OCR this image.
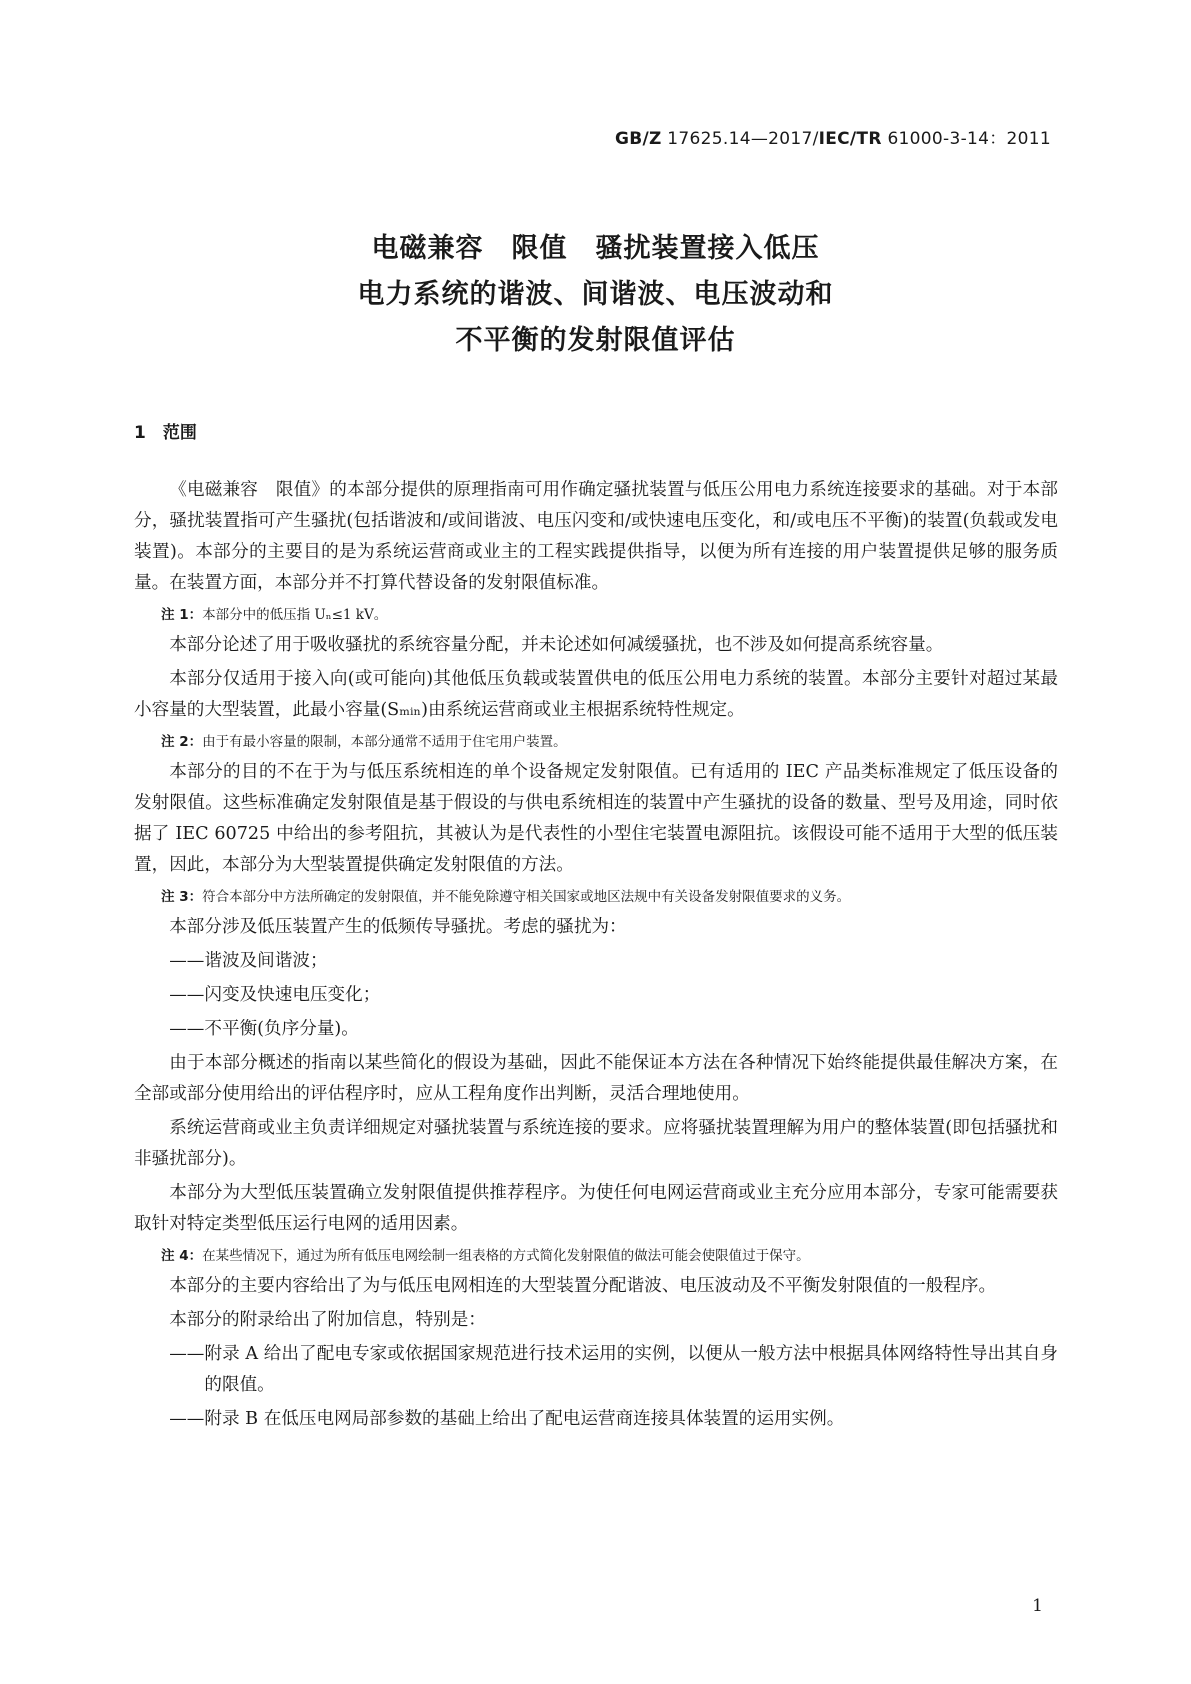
GB/Z 17625.14—2017/IEC/TR 61000-3-14：2011
电磁兼容　限值　骚扰装置接入低压
电力系统的谐波、间谐波、电压波动和
不平衡的发射限值评估
1　范围

《电磁兼容　限值》的本部分提供的原理指南可用作确定骚扰装置与低压公用电力系统连接要求的基础。对于本部分，骚扰装置指可产生骚扰(包括谐波和/或间谐波、电压闪变和/或快速电压变化，和/或电压不平衡)的装置(负载或发电装置)。本部分的主要目的是为系统运营商或业主的工程实践提供指导，以便为所有连接的用户装置提供足够的服务质量。在装置方面，本部分并不打算代替设备的发射限值标准。

注 1：本部分中的低压指 Uₙ≤1 kV。

本部分论述了用于吸收骚扰的系统容量分配，并未论述如何减缓骚扰，也不涉及如何提高系统容量。

本部分仅适用于接入向(或可能向)其他低压负载或装置供电的低压公用电力系统的装置。本部分主要针对超过某最小容量的大型装置，此最小容量(Sₘᵢₙ)由系统运营商或业主根据系统特性规定。

注 2：由于有最小容量的限制，本部分通常不适用于住宅用户装置。

本部分的目的不在于为与低压系统相连的单个设备规定发射限值。已有适用的 IEC 产品类标准规定了低压设备的发射限值。这些标准确定发射限值是基于假设的与供电系统相连的装置中产生骚扰的设备的数量、型号及用途，同时依据了 IEC 60725 中给出的参考阻抗，其被认为是代表性的小型住宅装置电源阻抗。该假设可能不适用于大型的低压装置，因此，本部分为大型装置提供确定发射限值的方法。

注 3：符合本部分中方法所确定的发射限值，并不能免除遵守相关国家或地区法规中有关设备发射限值要求的义务。

本部分涉及低压装置产生的低频传导骚扰。考虑的骚扰为：

——谐波及间谐波；

——闪变及快速电压变化；

——不平衡(负序分量)。

由于本部分概述的指南以某些简化的假设为基础，因此不能保证本方法在各种情况下始终能提供最佳解决方案，在全部或部分使用给出的评估程序时，应从工程角度作出判断，灵活合理地使用。

系统运营商或业主负责详细规定对骚扰装置与系统连接的要求。应将骚扰装置理解为用户的整体装置(即包括骚扰和非骚扰部分)。

本部分为大型低压装置确立发射限值提供推荐程序。为使任何电网运营商或业主充分应用本部分，专家可能需要获取针对特定类型低压运行电网的适用因素。

注 4：在某些情况下，通过为所有低压电网绘制一组表格的方式简化发射限值的做法可能会使限值过于保守。

本部分的主要内容给出了为与低压电网相连的大型装置分配谐波、电压波动及不平衡发射限值的一般程序。

本部分的附录给出了附加信息，特别是：

——附录 A 给出了配电专家或依据国家规范进行技术运用的实例，以便从一般方法中根据具体网络特性导出其自身的限值。

——附录 B 在低压电网局部参数的基础上给出了配电运营商连接具体装置的运用实例。

1
